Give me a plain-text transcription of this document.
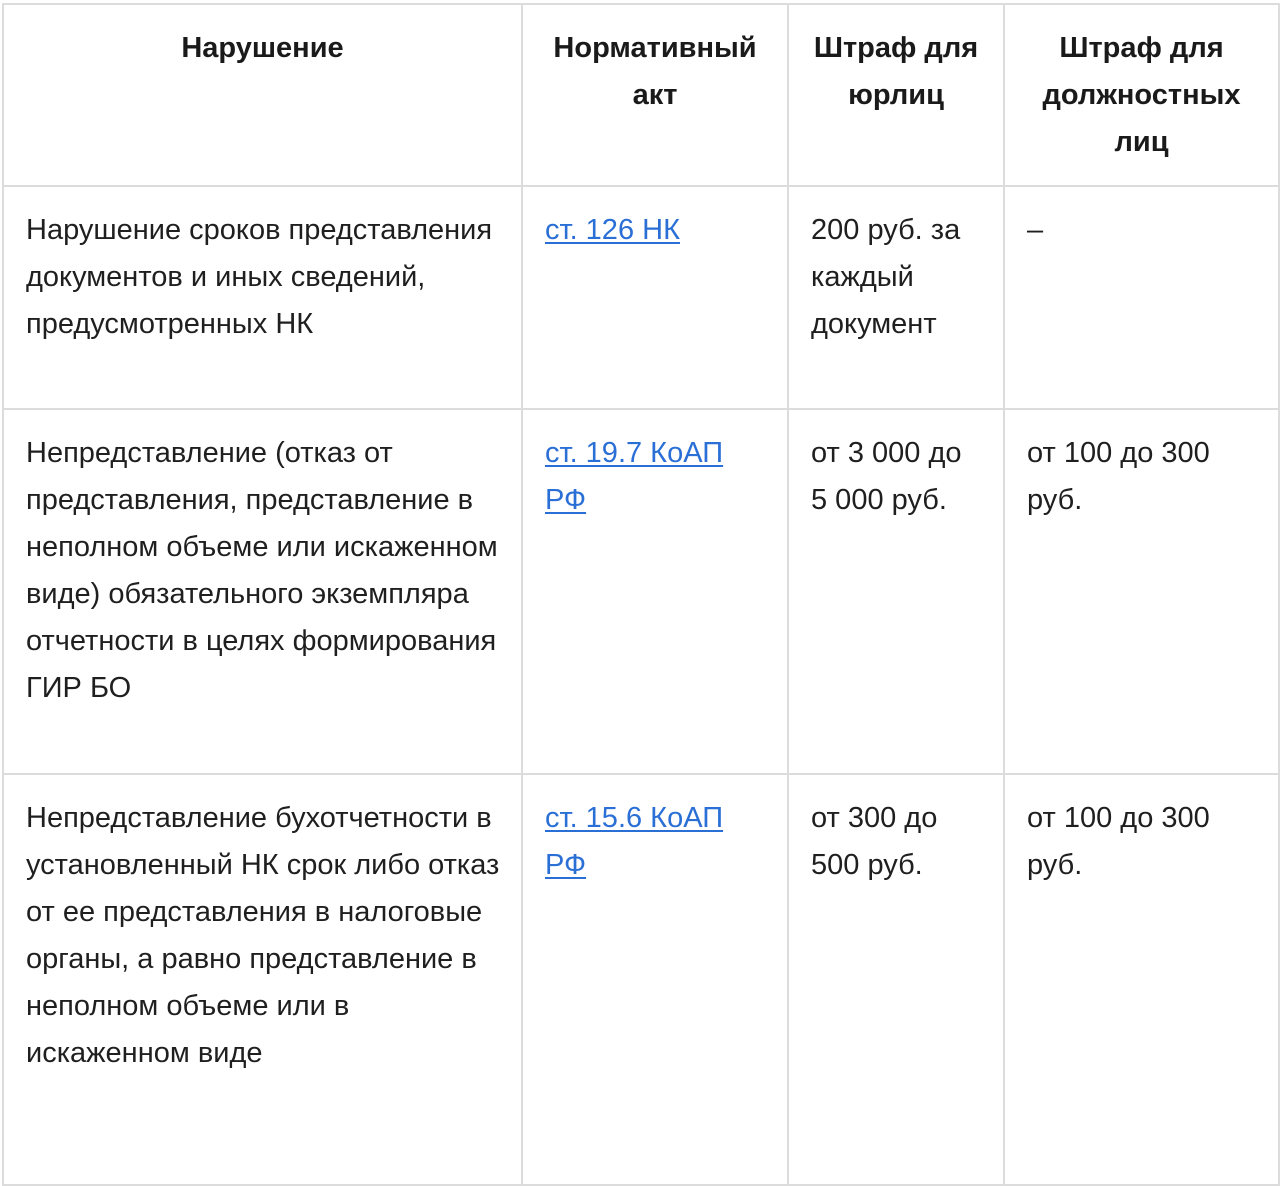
Нарушение	Нормативный акт	Штраф для юрлиц	Штраф для должностных лиц
Нарушение сроков представления документов и иных сведений, предусмотренных НК	ст. 126 НК	200 руб. за каждый документ	–
Непредставление (отказ от представления, представление в неполном объеме или искаженном виде) обязательного экземпляра отчетности в целях формирования ГИР БО	ст. 19.7 КоАП РФ	от 3 000 до 5 000 руб.	от 100 до 300 руб.
Непредставление бухотчетности в установленный НК срок либо отказ от ее представления в налоговые органы, а равно представление в неполном объеме или в искаженном виде	ст. 15.6 КоАП РФ	от 300 до 500 руб.	от 100 до 300 руб.
